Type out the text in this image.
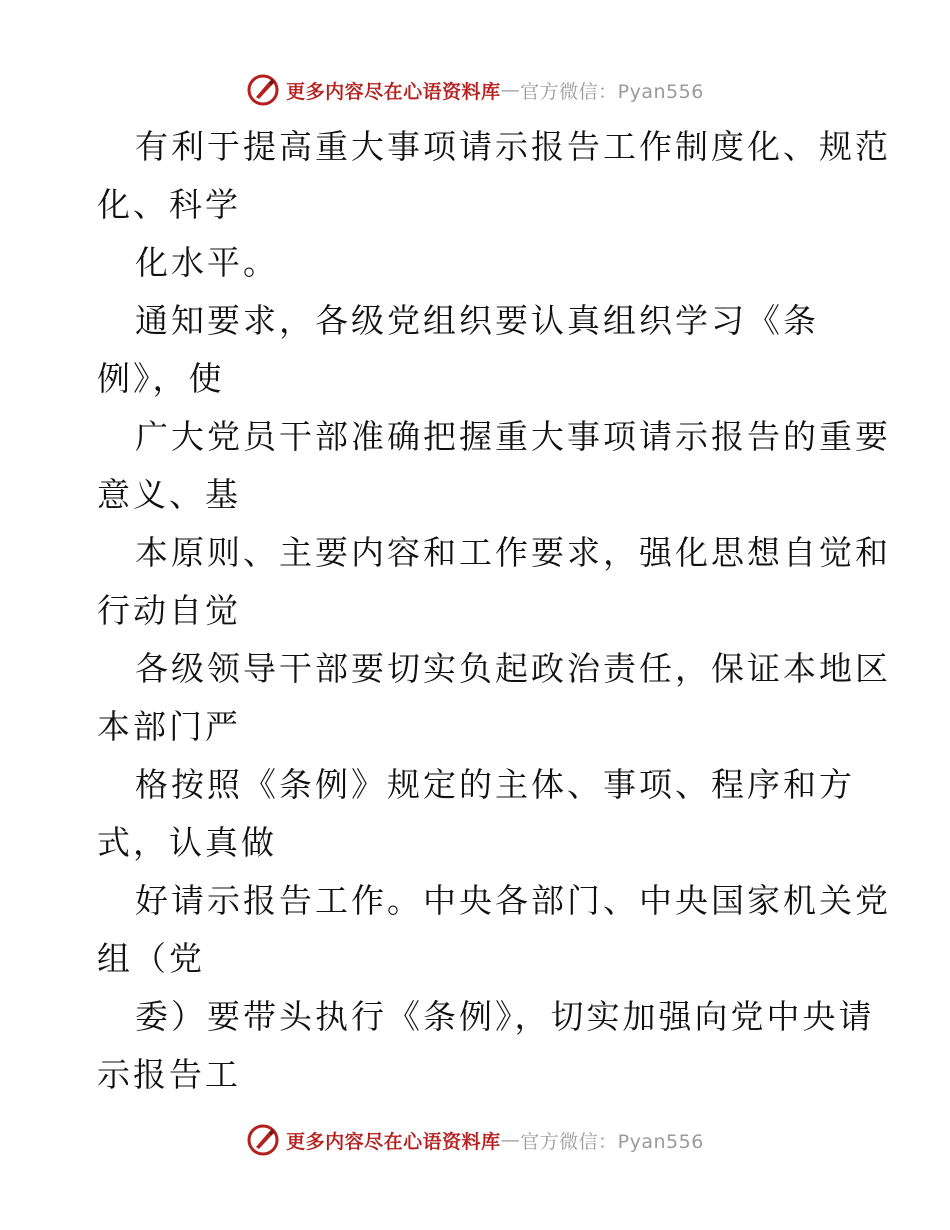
更多内容尽在心语资料库 — 官方微信：Pyan556
有利于提高重大事项请示报告工作制度化、规范
化、科学
化水平。
通知要求，各级党组织要认真组织学习《条
例》，使
广大党员干部准确把握重大事项请示报告的重要
意义、基
本原则、主要内容和工作要求，强化思想自觉和
行动自觉
各级领导干部要切实负起政治责任，保证本地区
本部门严
格按照《条例》规定的主体、事项、程序和方
式，认真做
好请示报告工作。中央各部门、中央国家机关党
组（党
委）要带头执行《条例》，切实加强向党中央请
示报告工
更多内容尽在心语资料库 — 官方微信：Pyan556
